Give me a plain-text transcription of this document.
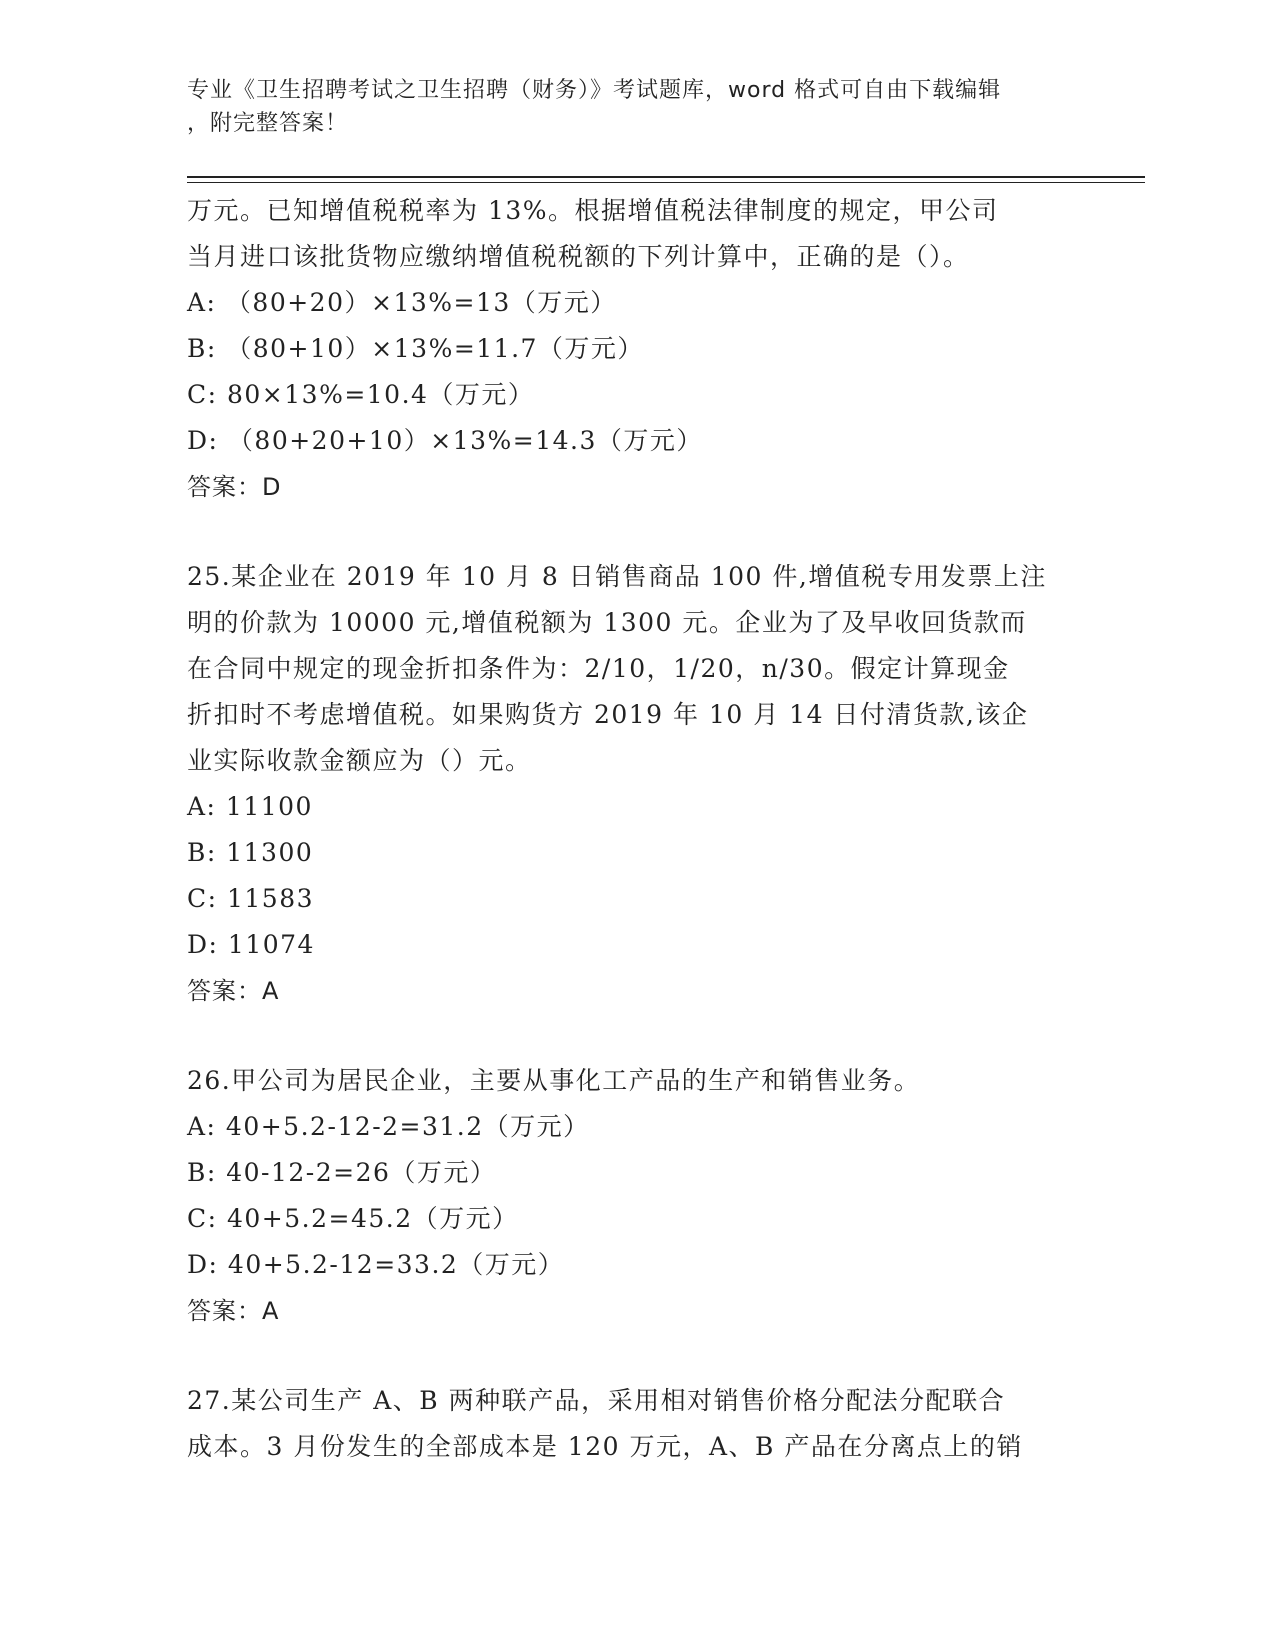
专业《卫生招聘考试之卫生招聘（财务）》考试题库，word 格式可自由下载编辑
，附完整答案！
万元。已知增值税税率为 13%。根据增值税法律制度的规定，甲公司
当月进口该批货物应缴纳增值税税额的下列计算中，正确的是（）。
A: （80+20）×13%=13（万元）
B: （80+10）×13%=11.7（万元）
C: 80×13%=10.4（万元）
D: （80+20+10）×13%=14.3（万元）
答案：D
25.某企业在 2019 年 10 月 8 日销售商品 100 件,增值税专用发票上注
明的价款为 10000 元,增值税额为 1300 元。企业为了及早收回货款而
在合同中规定的现金折扣条件为：2/10，1/20，n/30。假定计算现金
折扣时不考虑增值税。如果购货方 2019 年 10 月 14 日付清货款,该企
业实际收款金额应为（）元。
A: 11100
B: 11300
C: 11583
D: 11074
答案：A
26.甲公司为居民企业，主要从事化工产品的生产和销售业务。
A: 40+5.2-12-2=31.2（万元）
B: 40-12-2=26（万元）
C: 40+5.2=45.2（万元）
D: 40+5.2-12=33.2（万元）
答案：A
27.某公司生产 A、B 两种联产品，采用相对销售价格分配法分配联合
成本。3 月份发生的全部成本是 120 万元，A、B 产品在分离点上的销
